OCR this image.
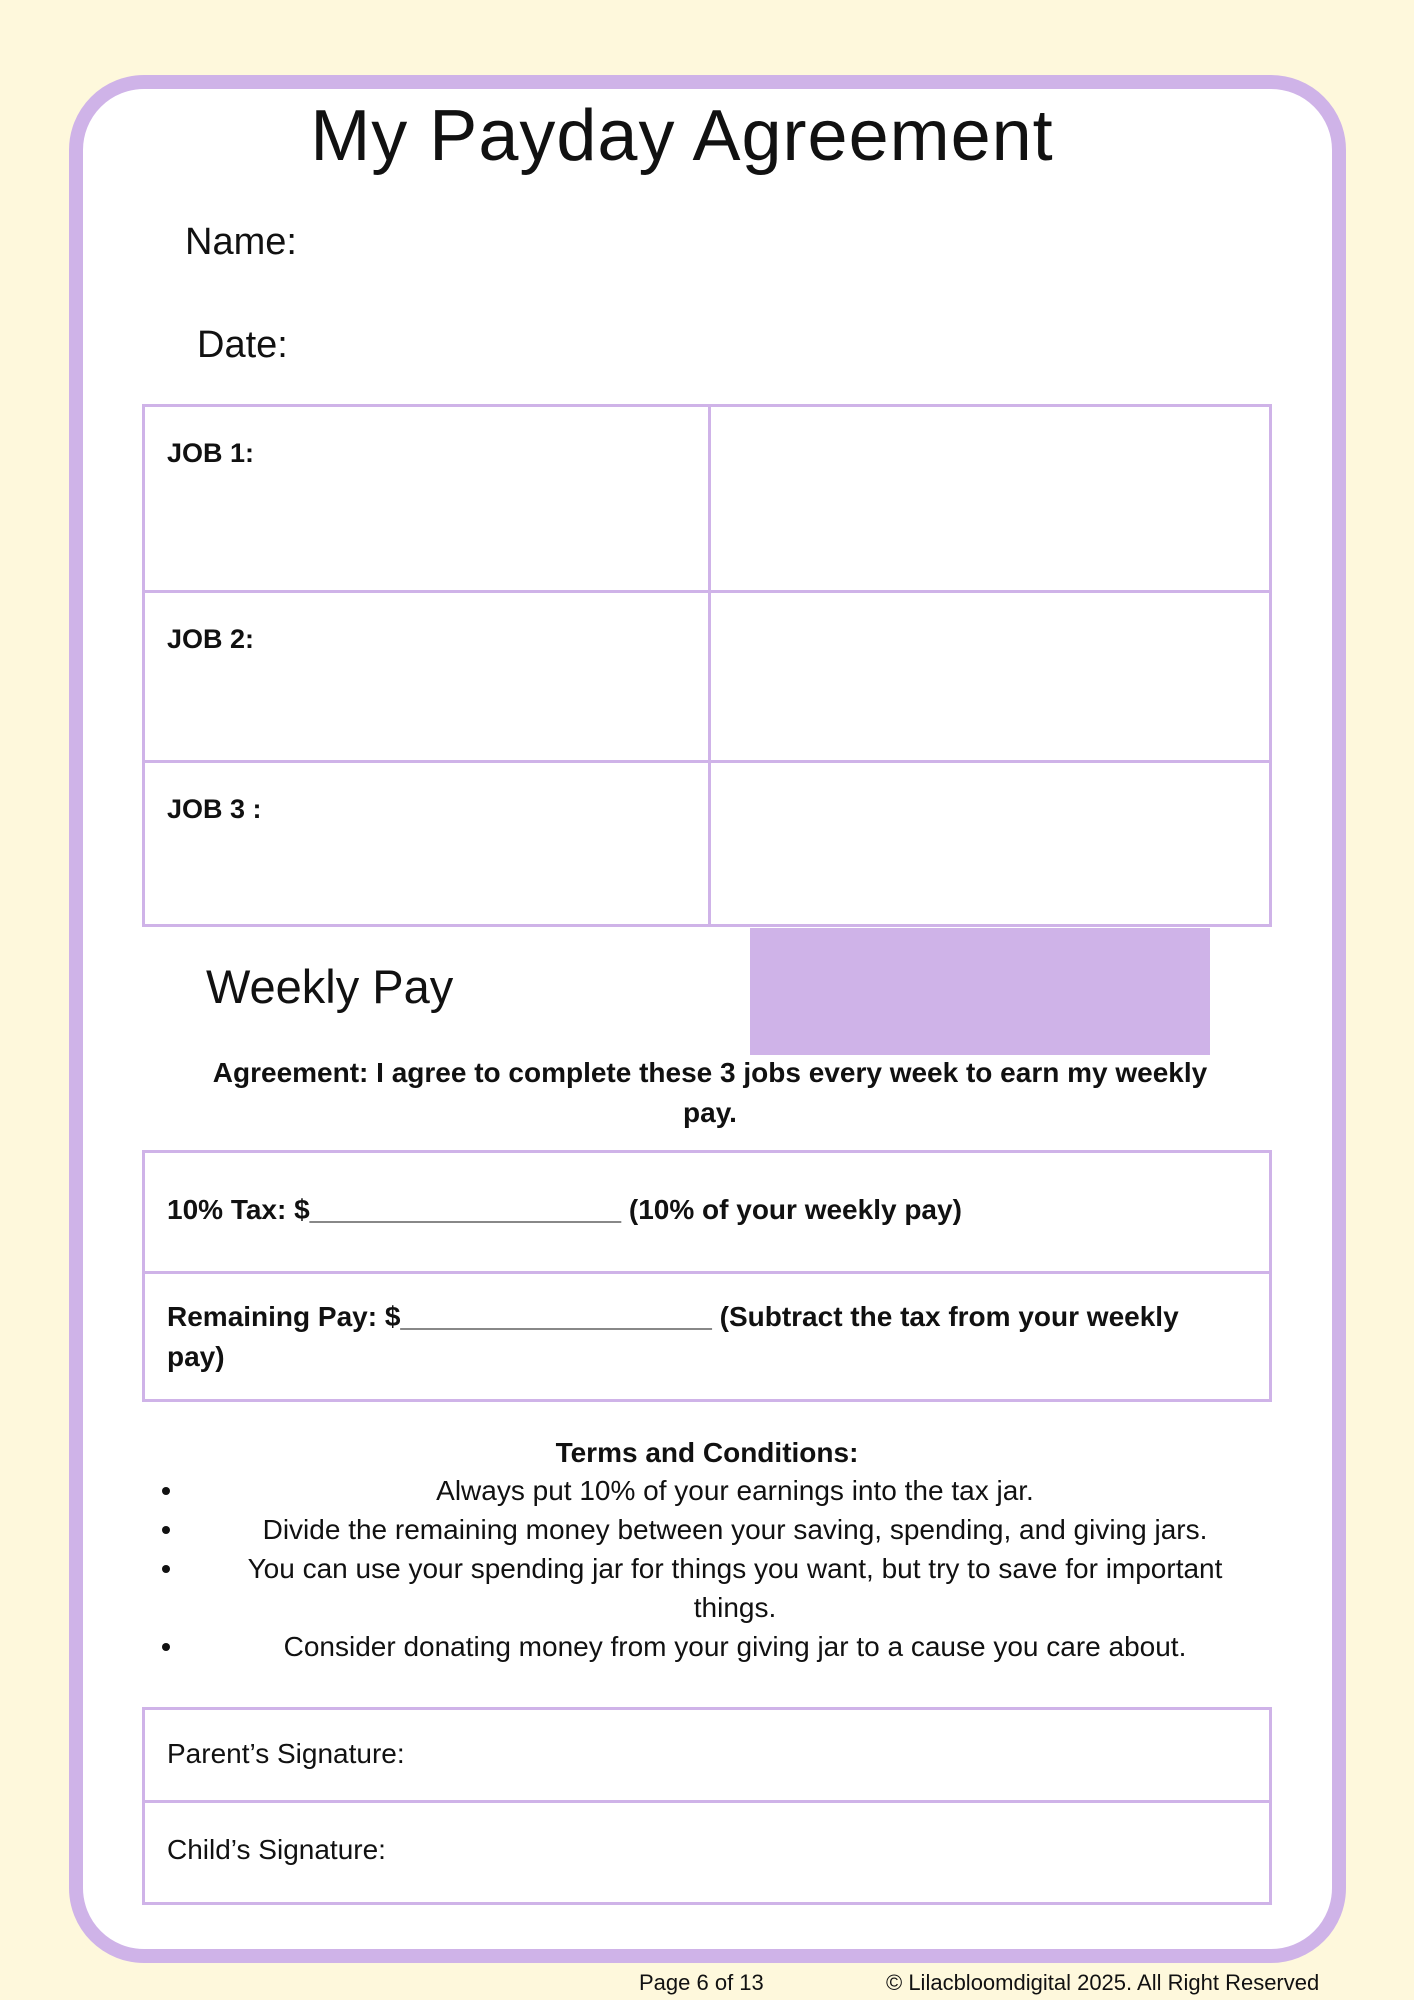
My Payday Agreement
Name:
Date:
JOB 1:
JOB 2:
JOB 3 :
Weekly Pay
Agreement: I agree to complete these 3 jobs every week to earn my weekly pay.
10% Tax: $____________________ (10% of your weekly pay)
Remaining Pay: $____________________ (Subtract the tax from your weekly pay)
Terms and Conditions:
Always put 10% of your earnings into the tax jar.
Divide the remaining money between your saving, spending, and giving jars.
You can use your spending jar for things you want, but try to save for important things.
Consider donating money from your giving jar to a cause you care about.
Parent’s Signature:
Child’s Signature:
Page 6 of 13	© Lilacbloomdigital 2025. All Right Reserved
